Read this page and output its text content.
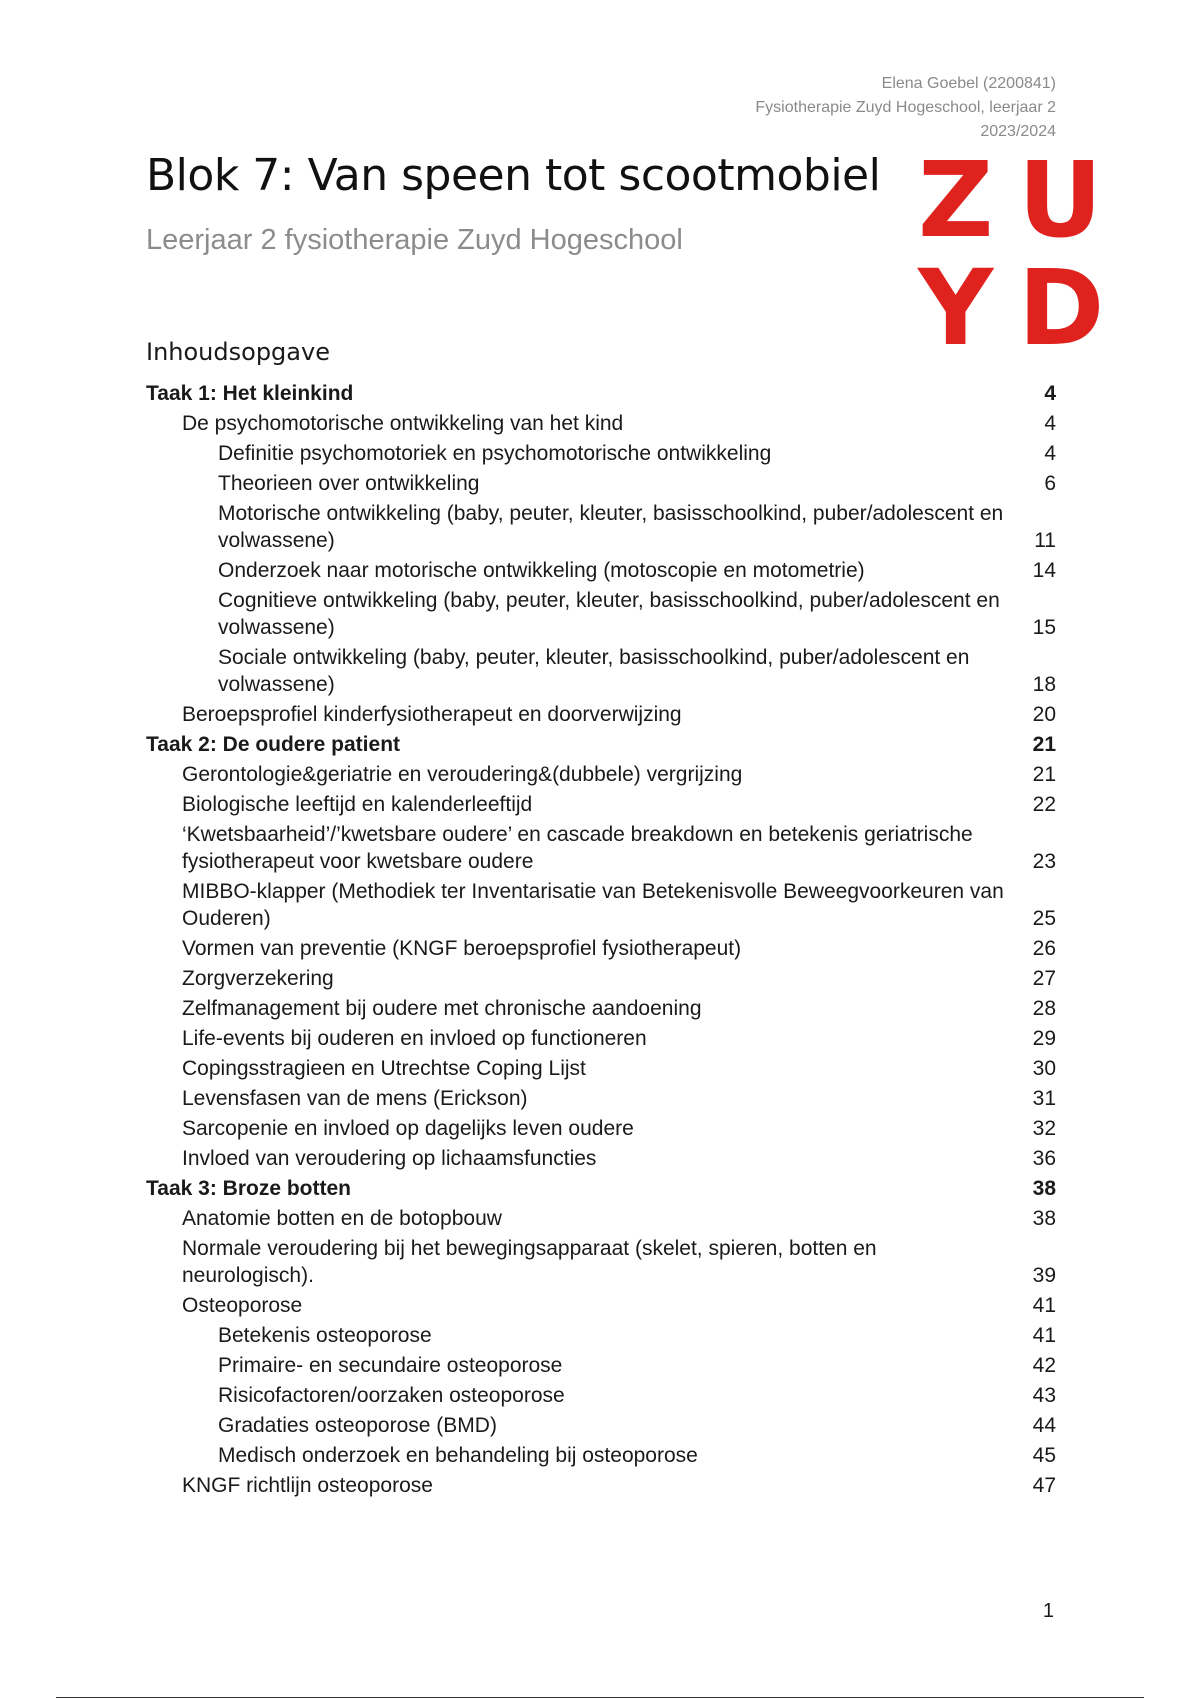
Elena Goebel (2200841)
Fysiotherapie Zuyd Hogeschool, leerjaar 2
2023/2024
Blok 7: Van speen tot scootmobiel
Leerjaar 2 fysiotherapie Zuyd Hogeschool Z U
Y D
Inhoudsopgave
Taak 1: Het kleinkind	4
De psychomotorische ontwikkeling van het kind	4
Definitie psychomotoriek en psychomotorische ontwikkeling	4
Theorieen over ontwikkeling	6
Motorische ontwikkeling (baby, peuter, kleuter, basisschoolkind, puber/adolescent en volwassene)	11
Onderzoek naar motorische ontwikkeling (motoscopie en motometrie)	14
Cognitieve ontwikkeling (baby, peuter, kleuter, basisschoolkind, puber/adolescent en volwassene)	15
Sociale ontwikkeling (baby, peuter, kleuter, basisschoolkind, puber/adolescent en volwassene)	18
Beroepsprofiel kinderfysiotherapeut en doorverwijzing	20
Taak 2: De oudere patient	21
Gerontologie&geriatrie en veroudering&(dubbele) vergrijzing	21
Biologische leeftijd en kalenderleeftijd	22
‘Kwetsbaarheid’/’kwetsbare oudere’ en cascade breakdown en betekenis geriatrische fysiotherapeut voor kwetsbare oudere	23
MIBBO-klapper (Methodiek ter Inventarisatie van Betekenisvolle Beweegvoorkeuren van Ouderen)	25
Vormen van preventie (KNGF beroepsprofiel fysiotherapeut)	26
Zorgverzekering	27
Zelfmanagement bij oudere met chronische aandoening	28
Life-events bij ouderen en invloed op functioneren	29
Copingsstragieen en Utrechtse Coping Lijst	30
Levensfasen van de mens (Erickson)	31
Sarcopenie en invloed op dagelijks leven oudere	32
Invloed van veroudering op lichaamsfuncties	36
Taak 3: Broze botten	38
Anatomie botten en de botopbouw	38
Normale veroudering bij het bewegingsapparaat (skelet, spieren, botten en neurologisch).	39
Osteoporose	41
Betekenis osteoporose	41
Primaire- en secundaire osteoporose	42
Risicofactoren/oorzaken osteoporose	43
Gradaties osteoporose (BMD)	44
Medisch onderzoek en behandeling bij osteoporose	45
KNGF richtlijn osteoporose	47
1
